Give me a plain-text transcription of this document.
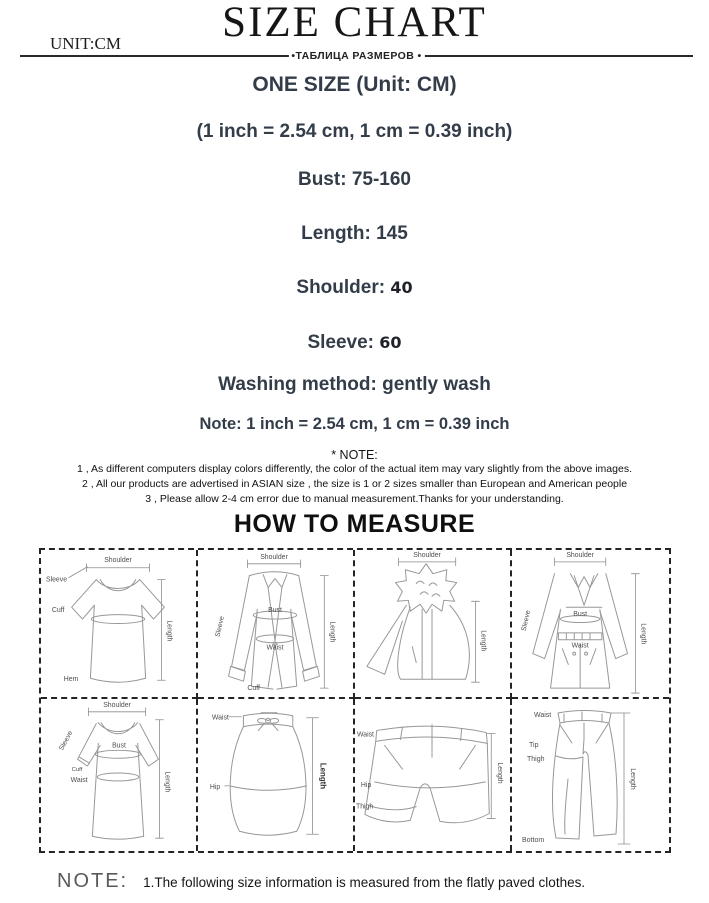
SIZE CHART
UNIT:CM
•ТАБЛИЦА РАЗМЕРОВ •
ONE SIZE (Unit: CM)
(1 inch = 2.54 cm, 1 cm = 0.39 inch)
Bust: 75-160
Length: 145
Shoulder: 40
Sleeve: 60
Washing method: gently wash
Note: 1 inch = 2.54 cm, 1 cm = 0.39 inch
* NOTE:
1 , As different computers display colors differently, the color of the actual item may vary slightly from the above images.
2 , All our products are advertised in ASIAN size , the size is 1 or 2 sizes smaller than European and American people
3 , Please allow 2-4 cm error due to manual measurement.Thanks for your understanding.
HOW TO MEASURE
Shoulder
Sleeve
Cuff
Hem
Length
Shoulder
Bust
Waist
Sleeve
Cuff
Length
Shoulder
Length
Shoulder
Bust
Waist
Sleeve
Length
Shoulder
Bust
Sleeve
Cuff
Waist	Length
Waist
Hip	Length
Waist
Hip
Thigh
Length
Waist
Tip
Thigh
Bottom
Length
NOTE: 1.The following size information is measured from the flatly paved clothes.
